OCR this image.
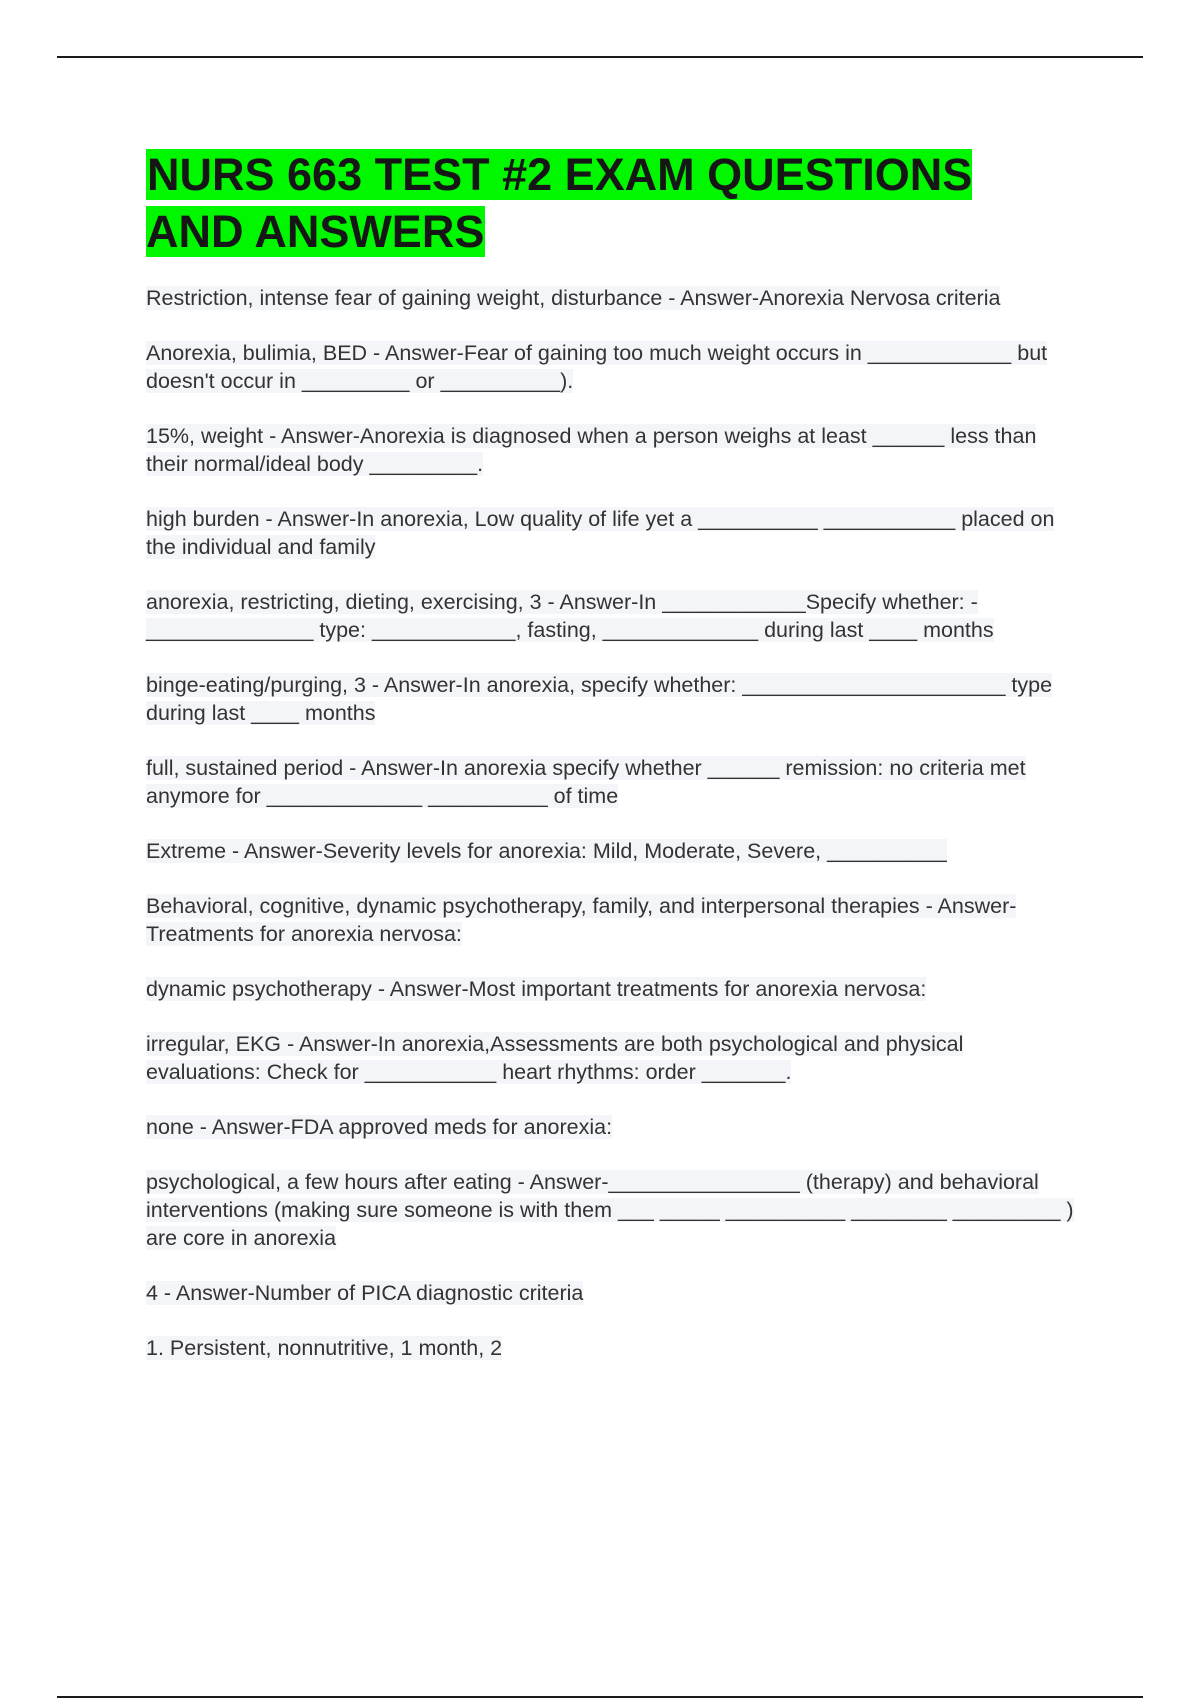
NURS 663 TEST #2 EXAM QUESTIONS AND ANSWERS
Restriction, intense fear of gaining weight, disturbance - Answer-Anorexia Nervosa criteria
Anorexia, bulimia, BED - Answer-Fear of gaining too much weight occurs in ____________ but doesn't occur in _________ or __________).
15%, weight - Answer-Anorexia is diagnosed when a person weighs at least ______ less than their normal/ideal body _________.
high burden - Answer-In anorexia, Low quality of life yet a __________ ___________ placed on the individual and family
anorexia, restricting, dieting, exercising, 3 - Answer-In ____________Specify whether: -______________ type: ____________, fasting, _____________ during last ____ months
binge-eating/purging, 3 - Answer-In anorexia, specify whether: ______________________ type during last ____ months
full, sustained period - Answer-In anorexia specify whether ______ remission: no criteria met anymore for _____________ __________ of time
Extreme - Answer-Severity levels for anorexia: Mild, Moderate, Severe, __________
Behavioral, cognitive, dynamic psychotherapy, family, and interpersonal therapies - Answer-Treatments for anorexia nervosa:
dynamic psychotherapy - Answer-Most important treatments for anorexia nervosa:
irregular, EKG - Answer-In anorexia,Assessments are both psychological and physical evaluations: Check for ___________ heart rhythms: order _______.
none - Answer-FDA approved meds for anorexia:
psychological, a few hours after eating - Answer-________________ (therapy) and behavioral interventions (making sure someone is with them ___ _____ __________ ________ _________ ) are core in anorexia
4 - Answer-Number of PICA diagnostic criteria
1. Persistent, nonnutritive, 1 month, 2
